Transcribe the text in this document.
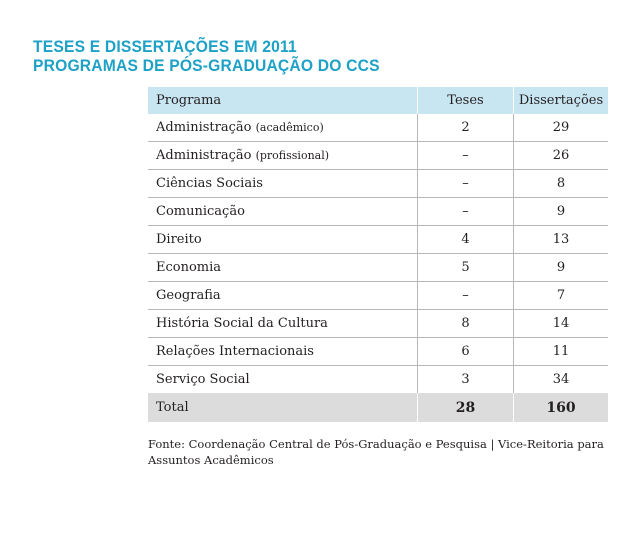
TESES E DISSERTAÇÕES EM 2011
PROGRAMAS DE PÓS-GRADUAÇÃO DO CCS
Programa	Teses	Dissertações
Administração (acadêmico)	2	29
Administração (profissional)	–	26
Ciências Sociais	–	8
Comunicação	–	9
Direito	4	13
Economia	5	9
Geografia	–	7
História Social da Cultura	8	14
Relações Internacionais	6	11
Serviço Social	3	34
Total	28	160
Fonte: Coordenação Central de Pós-Graduação e Pesquisa | Vice-Reitoria para Assuntos Acadêmicos
